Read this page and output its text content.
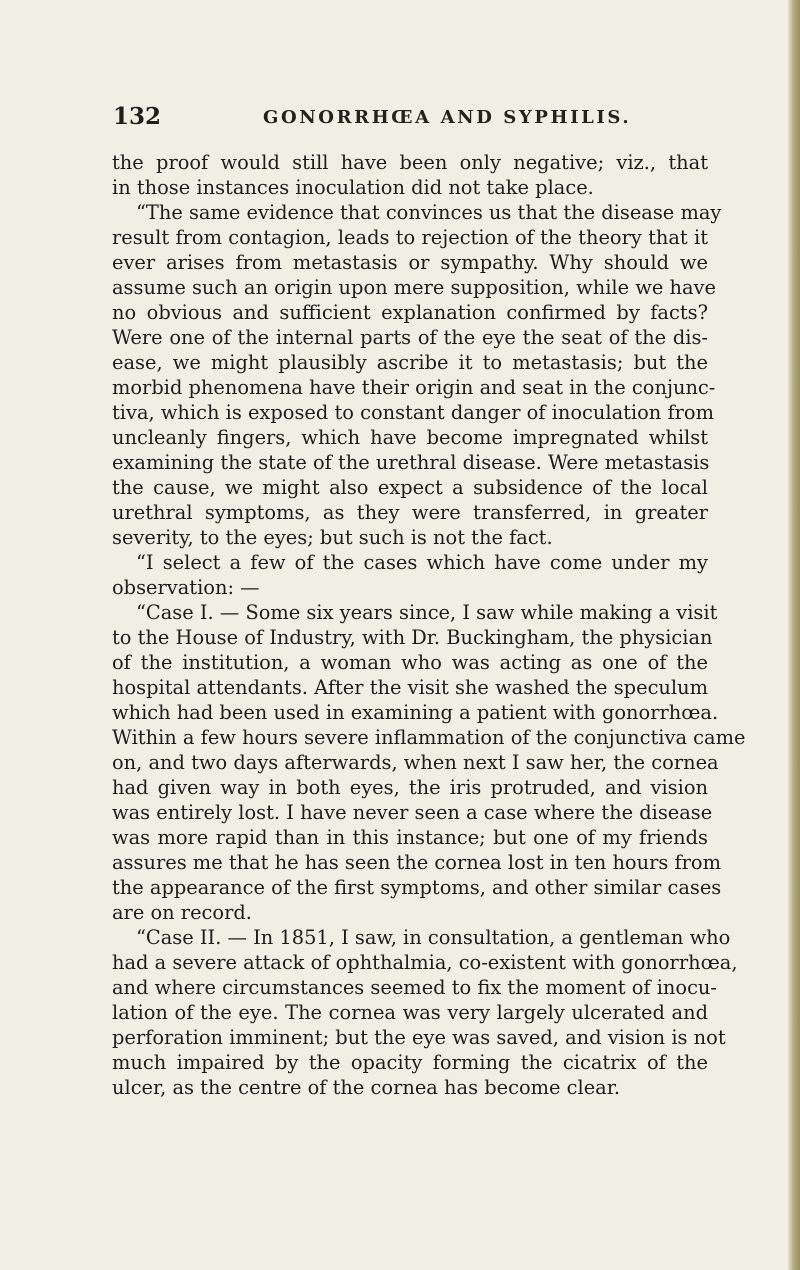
132	GONORRHŒA AND SYPHILIS.
the proof would still have been only negative; viz., that
in those instances inoculation did not take place.
“The same evidence that convinces us that the disease may
result from contagion, leads to rejection of the theory that it
ever arises from metastasis or sympathy. Why should we
assume such an origin upon mere supposition, while we have
no obvious and sufficient explanation confirmed by facts?
Were one of the internal parts of the eye the seat of the dis-
ease, we might plausibly ascribe it to metastasis; but the
morbid phenomena have their origin and seat in the conjunc-
tiva, which is exposed to constant danger of inoculation from
uncleanly fingers, which have become impregnated whilst
examining the state of the urethral disease. Were metastasis
the cause, we might also expect a subsidence of the local
urethral symptoms, as they were transferred, in greater
severity, to the eyes; but such is not the fact.
“I select a few of the cases which have come under my
observation: —
“Case I. — Some six years since, I saw while making a visit
to the House of Industry, with Dr. Buckingham, the physician
of the institution, a woman who was acting as one of the
hospital attendants. After the visit she washed the speculum
which had been used in examining a patient with gonorrhœa.
Within a few hours severe inflammation of the conjunctiva came
on, and two days afterwards, when next I saw her, the cornea
had given way in both eyes, the iris protruded, and vision
was entirely lost. I have never seen a case where the disease
was more rapid than in this instance; but one of my friends
assures me that he has seen the cornea lost in ten hours from
the appearance of the first symptoms, and other similar cases
are on record.
“Case II. — In 1851, I saw, in consultation, a gentleman who
had a severe attack of ophthalmia, co-existent with gonorrhœa,
and where circumstances seemed to fix the moment of inocu-
lation of the eye. The cornea was very largely ulcerated and
perforation imminent; but the eye was saved, and vision is not
much impaired by the opacity forming the cicatrix of the
ulcer, as the centre of the cornea has become clear.
